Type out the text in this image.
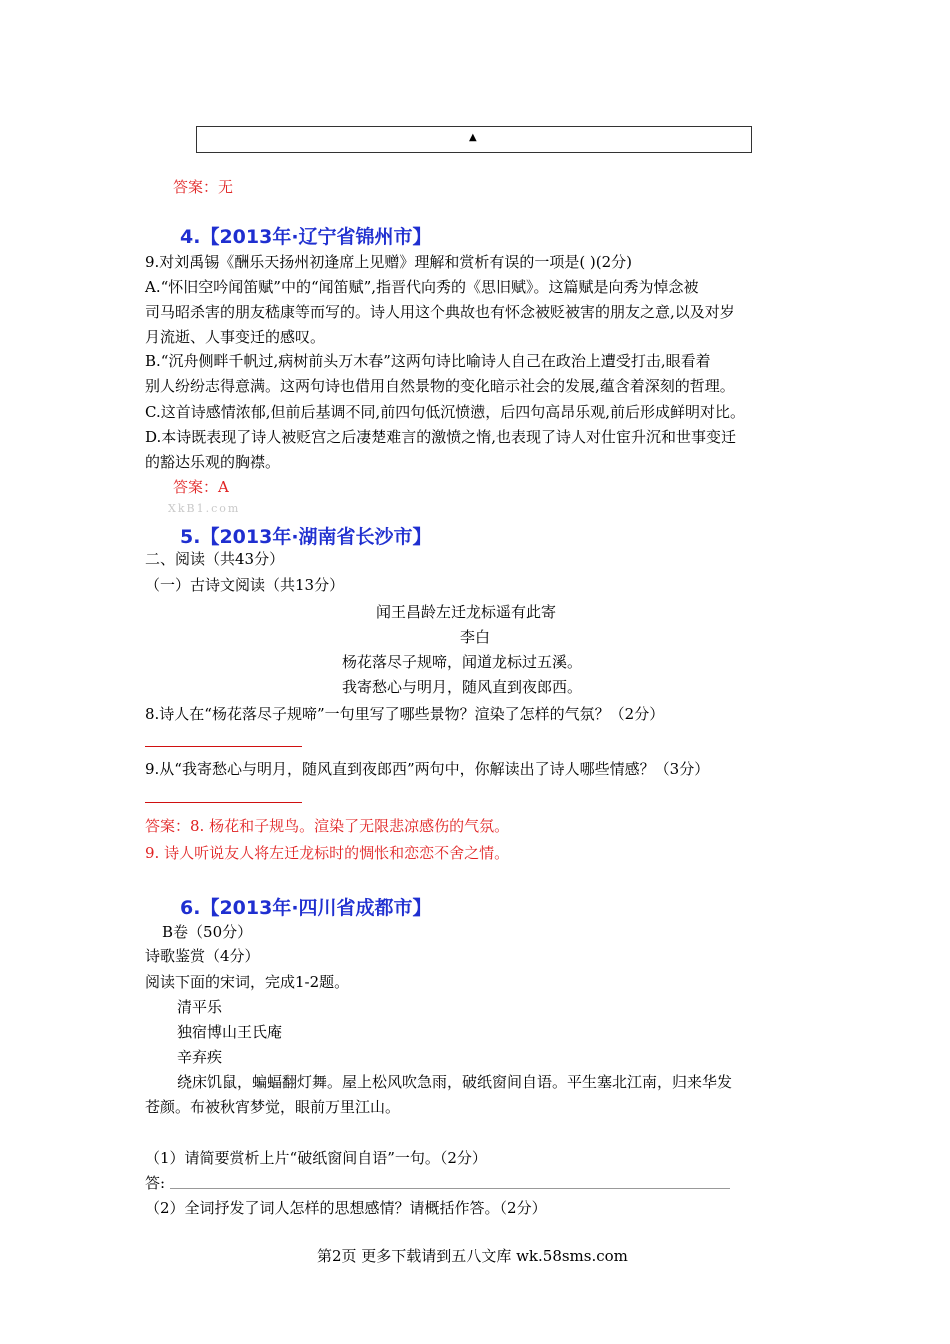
▲
答案：无
4.【2013年·辽宁省锦州市】
9.对刘禹锡《酬乐天扬州初逢席上见赠》理解和赏析有误的一项是( )(2分)
A.“怀旧空吟闻笛赋”中的“闻笛赋”,指晋代向秀的《思旧赋》。这篇赋是向秀为悼念被
司马昭杀害的朋友嵇康等而写的。诗人用这个典故也有怀念被贬被害的朋友之意,以及对岁
月流逝、人事变迁的感叹。
B.“沉舟侧畔千帆过,病树前头万木春”这两句诗比喻诗人自己在政治上遭受打击,眼看着
别人纷纷志得意满。这两句诗也借用自然景物的变化暗示社会的发展,蕴含着深刻的哲理。
C.这首诗感情浓郁,但前后基调不同,前四句低沉愤懑，后四句高昂乐观,前后形成鲜明对比。
D.本诗既表现了诗人被贬宫之后凄楚难言的激愤之惰,也表现了诗人对仕宦升沉和世事变迁
的豁达乐观的胸襟。
答案：A
XkB1.com
5.【2013年·湖南省长沙市】
二、阅读（共43分）
（一）古诗文阅读（共13分）
闻王昌龄左迁龙标遥有此寄
李白
杨花落尽子规啼，闻道龙标过五溪。
我寄愁心与明月，随风直到夜郎西。
8.诗人在“杨花落尽子规啼”一句里写了哪些景物？渲染了怎样的气氛？（2分）
9.从“我寄愁心与明月，随风直到夜郎西”两句中，你解读出了诗人哪些情感？（3分）
答案：8. 杨花和子规鸟。渲染了无限悲凉感伤的气氛。
9. 诗人听说友人将左迁龙标时的惆怅和恋恋不舍之情。
6.【2013年·四川省成都市】
B卷（50分）
诗歌鉴赏（4分）
阅读下面的宋词，完成1-2题。
清平乐
独宿博山王氏庵
辛弃疾
绕床饥鼠，蝙蝠翻灯舞。屋上松风吹急雨，破纸窗间自语。平生塞北江南，归来华发
苍颜。布被秋宵梦觉，眼前万里江山。
（1）请简要赏析上片“破纸窗间自语”一句。（2分）
答:
（2）全词抒发了词人怎样的思想感情？请概括作答。（2分）
第2页 更多下载请到五八文库 wk.58sms.com
